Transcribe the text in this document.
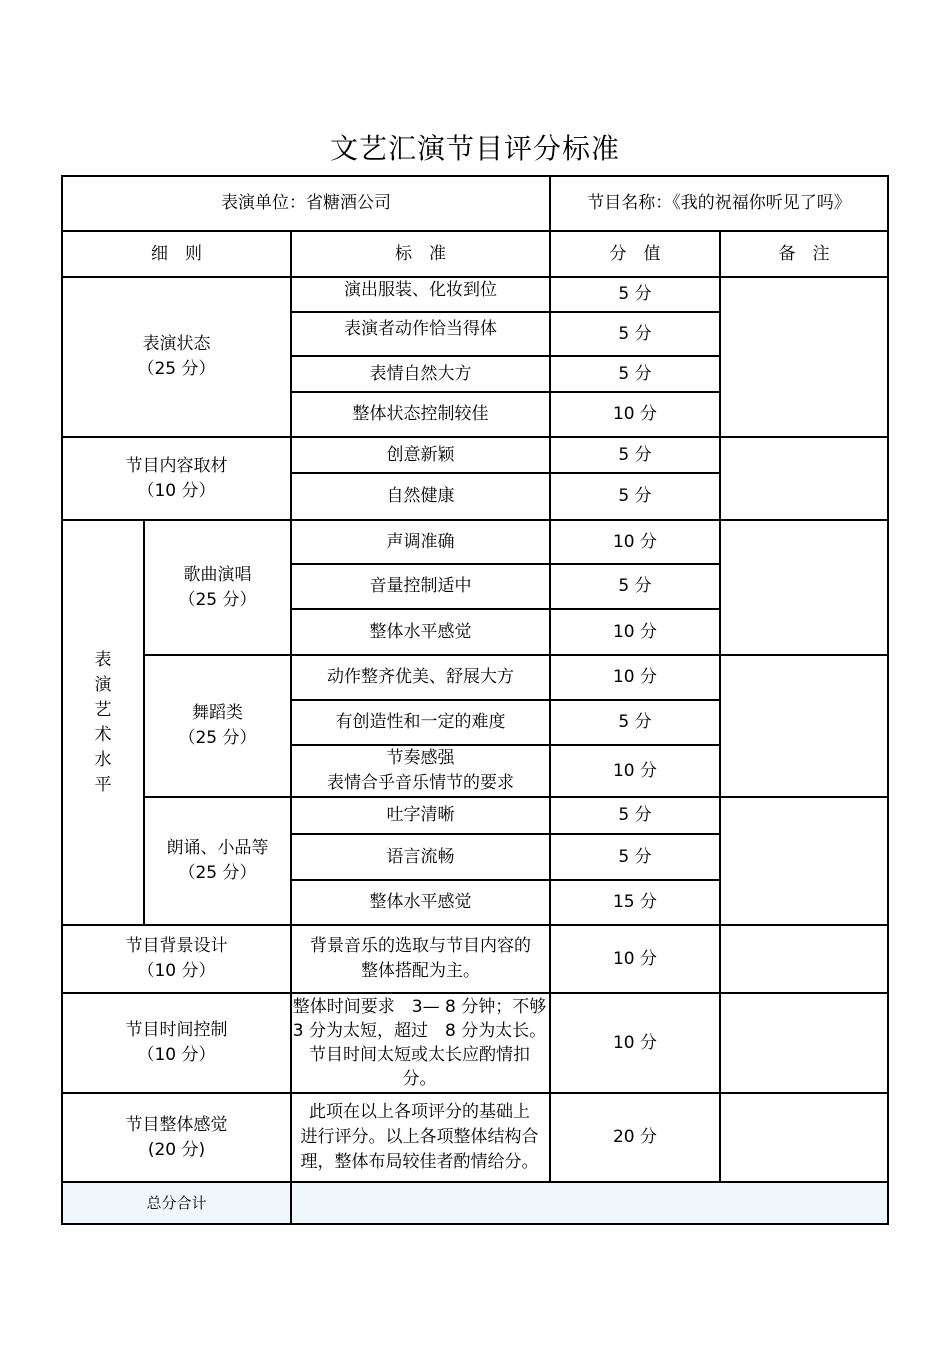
文艺汇演节目评分标准
表演单位：省糖酒公司	节目名称：《我的祝福你听见了吗》
细　则	标　准	分　值	备　注
表演状态
（25 分）
演出服装、化妆到位	5 分
表演者动作恰当得体	5 分
表情自然大方	5 分
整体状态控制较佳	10 分
节目内容取材
（10 分）
创意新颖	5 分
自然健康	5 分
表
演
艺
术
水
平
歌曲演唱
（25 分）
声调准确	10 分
音量控制适中	5 分
整体水平感觉	10 分
舞蹈类
（25 分）
动作整齐优美、舒展大方	10 分
有创造性和一定的难度	5 分
节奏感强
表情合乎音乐情节的要求
10 分
朗诵、小品等
（25 分）
吐字清晰	5 分
语言流畅	5 分
整体水平感觉	15 分
节目背景设计
（10 分）
背景音乐的选取与节目内容的
整体搭配为主。
10 分
节目时间控制
（10 分）
整体时间要求　3— 8 分钟；不够
3 分为太短，超过　8 分为太长。
节目时间太短或太长应酌情扣
分。
10 分
节目整体感觉
(20 分)
此项在以上各项评分的基础上
进行评分。以上各项整体结构合
理，整体布局较佳者酌情给分。
20 分
总分合计
